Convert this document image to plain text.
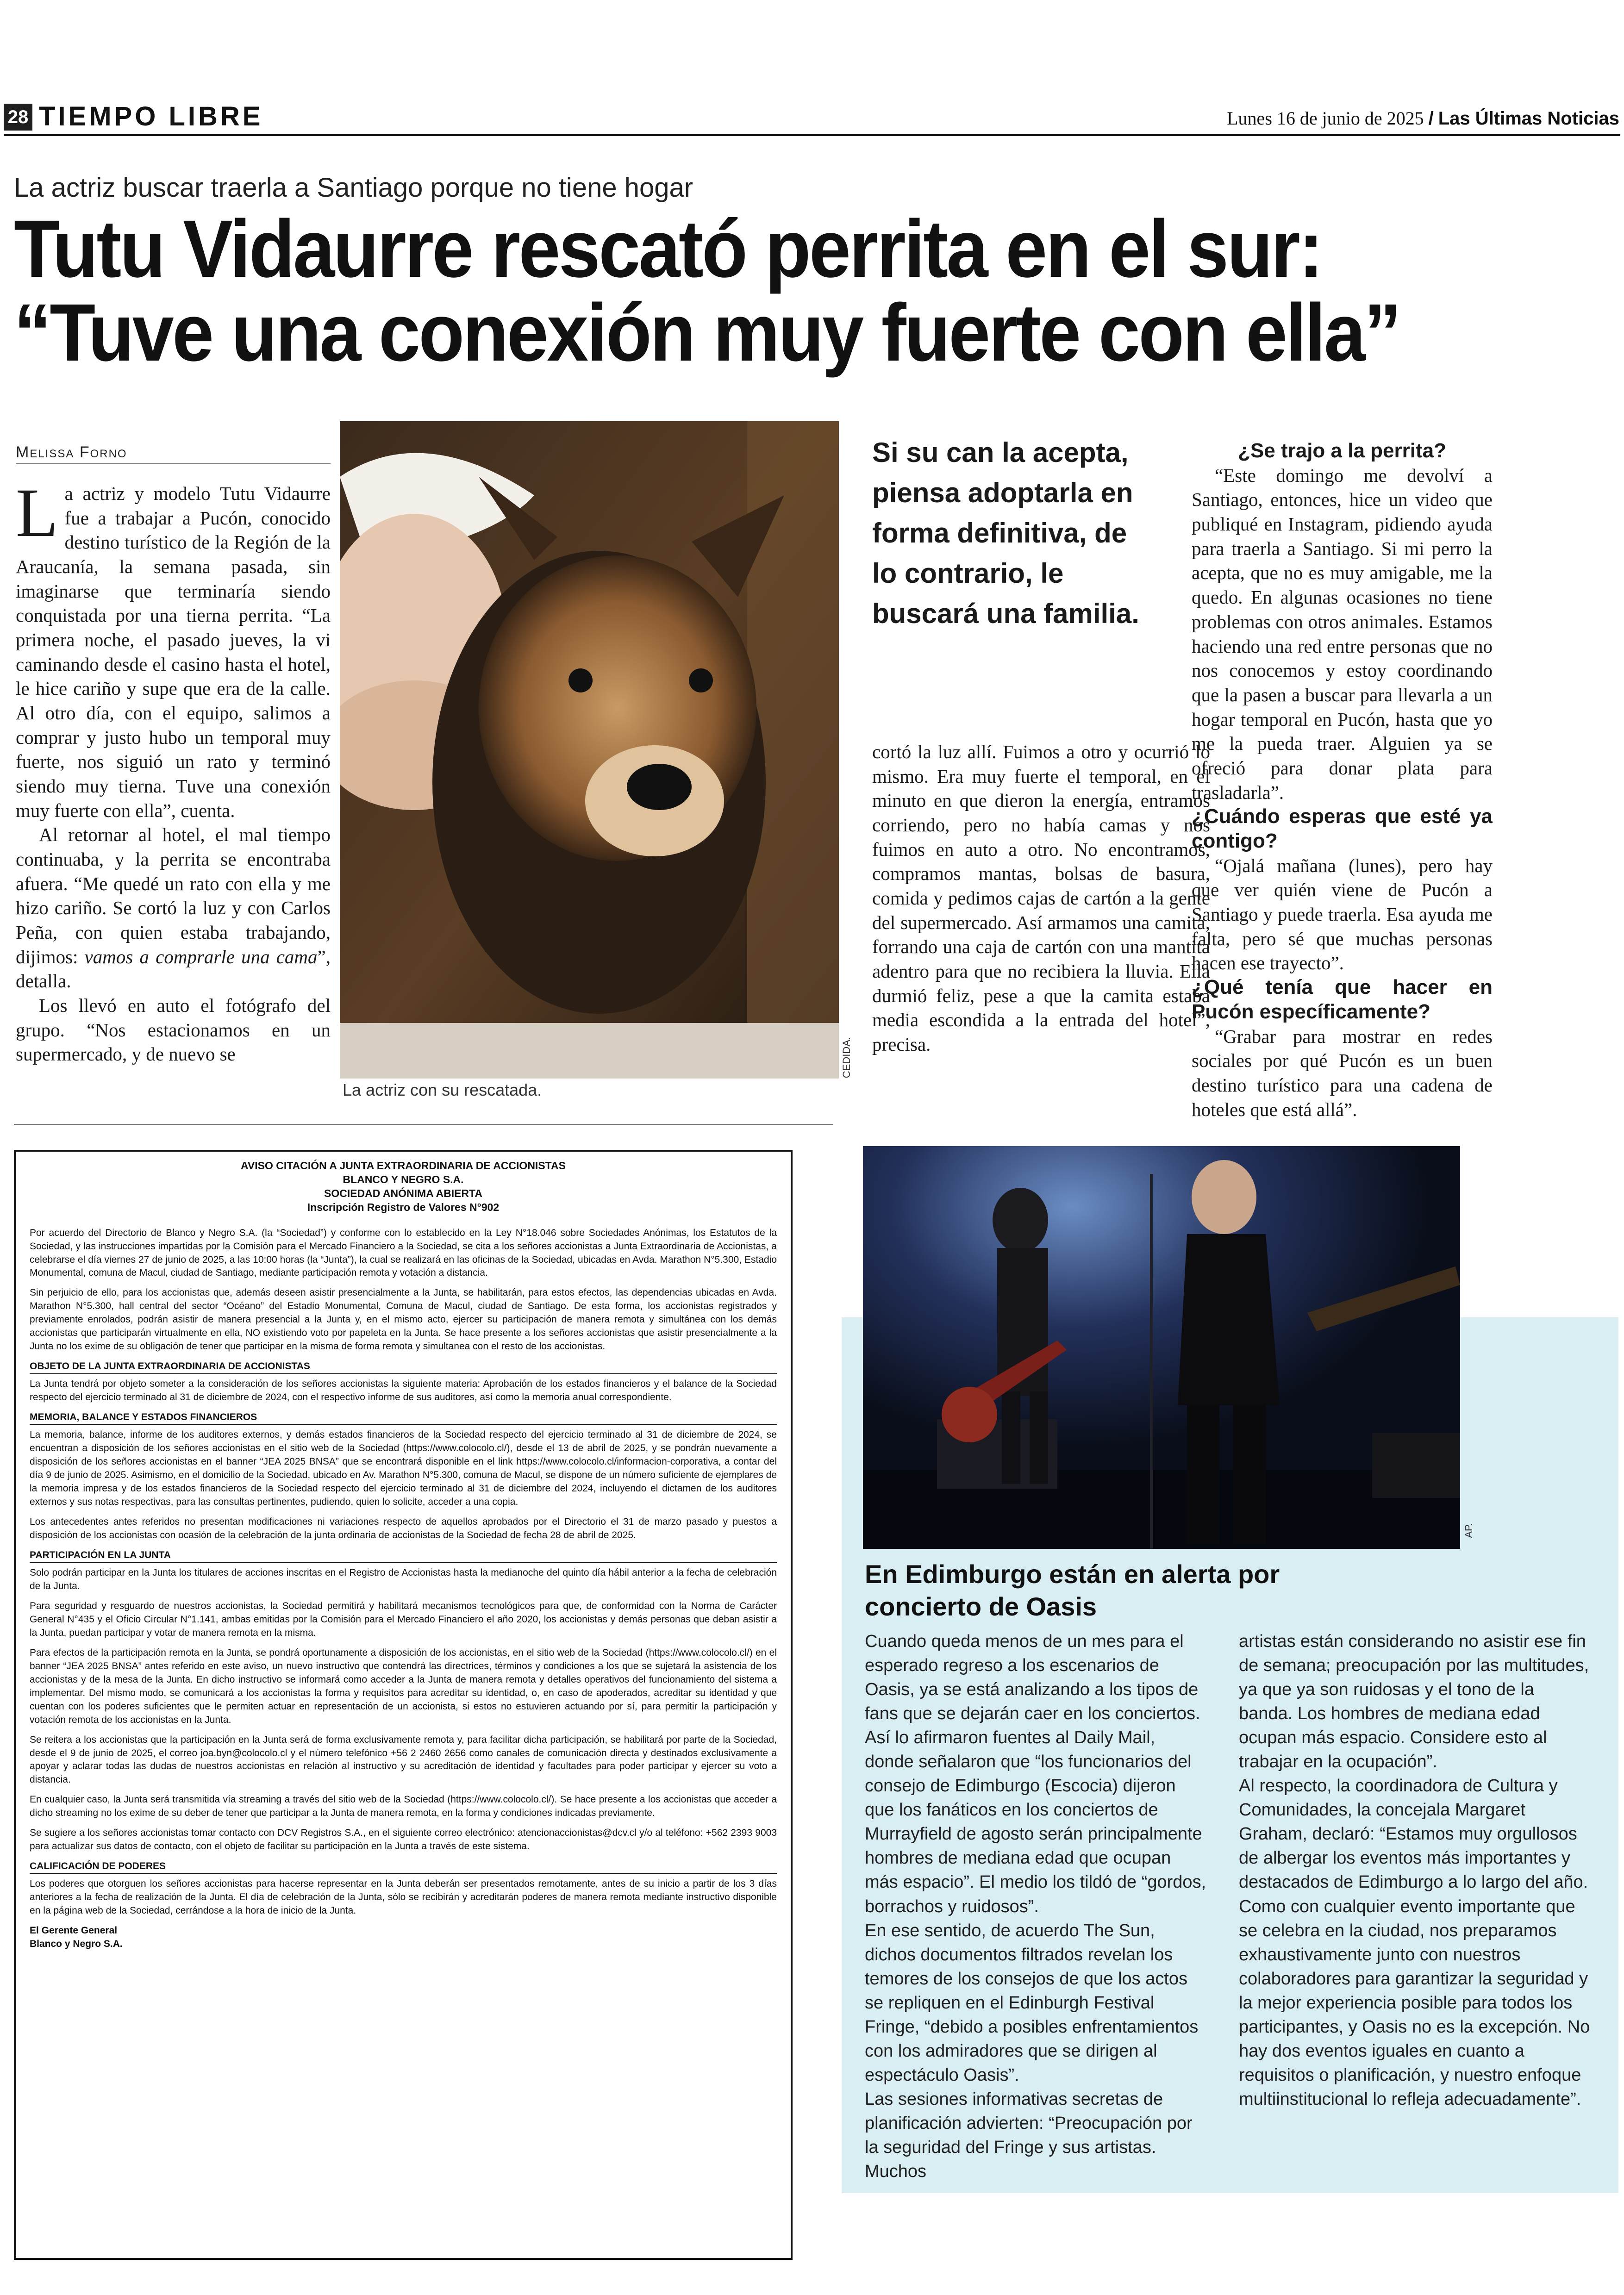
28 TIEMPO LIBRE	Lunes 16 de junio de 2025 / Las Últimas Noticias
La actriz buscar traerla a Santiago porque no tiene hogar
Tutu Vidaurre rescató perrita en el sur:
“Tuve una conexión muy fuerte con ella”
Melissa Forno

La actriz y modelo Tutu Vidaurre fue a trabajar a Pucón, conocido destino turístico de la Región de la Araucanía, la semana pasada, sin imaginarse que terminaría siendo conquistada por una tierna perrita. “La primera noche, el pasado jueves, la vi caminando desde el casino hasta el hotel, le hice cariño y supe que era de la calle. Al otro día, con el equipo, salimos a comprar y justo hubo un temporal muy fuerte, nos siguió un rato y terminó siendo muy tierna. Tuve una conexión muy fuerte con ella”, cuenta.

Al retornar al hotel, el mal tiempo continuaba, y la perrita se encontraba afuera. “Me quedé un rato con ella y me hizo cariño. Se cortó la luz y con Carlos Peña, con quien estaba trabajando, dijimos: vamos a comprarle una cama”, detalla.

Los llevó en auto el fotógrafo del grupo. “Nos estacionamos en un supermercado, y de nuevo se

La actriz con su rescatada.
CEDIDA.
Si su can la acepta, piensa adoptarla en forma definitiva, de lo contrario, le buscará una familia.

cortó la luz allí. Fuimos a otro y ocurrió lo mismo. Era muy fuerte el temporal, en el minuto en que dieron la energía, entramos corriendo, pero no había camas y nos fuimos en auto a otro. No encontramos, compramos mantas, bolsas de basura, comida y pedimos cajas de cartón a la gente del supermercado. Así armamos una camita, forrando una caja de cartón con una mantita adentro para que no recibiera la lluvia. Ella durmió feliz, pese a que la camita estaba media escondida a la entrada del hotel”, precisa.

¿Se trajo a la perrita?

“Este domingo me devolví a Santiago, entonces, hice un video que publiqué en Instagram, pidiendo ayuda para traerla a Santiago. Si mi perro la acepta, que no es muy amigable, me la quedo. En algunas ocasiones no tiene problemas con otros animales. Estamos haciendo una red entre personas que no nos conocemos y estoy coordinando que la pasen a buscar para llevarla a un hogar temporal en Pucón, hasta que yo me la pueda traer. Alguien ya se ofreció para donar plata para trasladarla”.

¿Cuándo esperas que esté ya contigo?

“Ojalá mañana (lunes), pero hay que ver quién viene de Pucón a Santiago y puede traerla. Esa ayuda me falta, pero sé que muchas personas hacen ese trayecto”.

¿Qué tenía que hacer en Pucón específicamente?

“Grabar para mostrar en redes sociales por qué Pucón es un buen destino turístico para una cadena de hoteles que está allá”.

AVISO CITACIÓN A JUNTA EXTRAORDINARIA DE ACCIONISTAS
BLANCO Y NEGRO S.A.
SOCIEDAD ANÓNIMA ABIERTA
Inscripción Registro de Valores N°902

Por acuerdo del Directorio de Blanco y Negro S.A. (la “Sociedad”) y conforme con lo establecido en la Ley N°18.046 sobre Sociedades Anónimas, los Estatutos de la Sociedad, y las instrucciones impartidas por la Comisión para el Mercado Financiero a la Sociedad, se cita a los señores accionistas a Junta Extraordinaria de Accionistas, a celebrarse el día viernes 27 de junio de 2025, a las 10:00 horas (la “Junta”), la cual se realizará en las oficinas de la Sociedad, ubicadas en Avda. Marathon N°5.300, Estadio Monumental, comuna de Macul, ciudad de Santiago, mediante participación remota y votación a distancia.

Sin perjuicio de ello, para los accionistas que, además deseen asistir presencialmente a la Junta, se habilitarán, para estos efectos, las dependencias ubicadas en Avda. Marathon N°5.300, hall central del sector “Océano” del Estadio Monumental, Comuna de Macul, ciudad de Santiago. De esta forma, los accionistas registrados y previamente enrolados, podrán asistir de manera presencial a la Junta y, en el mismo acto, ejercer su participación de manera remota y simultánea con los demás accionistas que participarán virtualmente en ella, NO existiendo voto por papeleta en la Junta. Se hace presente a los señores accionistas que asistir presencialmente a la Junta no los exime de su obligación de tener que participar en la misma de forma remota y simultanea con el resto de los accionistas.

OBJETO DE LA JUNTA EXTRAORDINARIA DE ACCIONISTAS

La Junta tendrá por objeto someter a la consideración de los señores accionistas la siguiente materia: Aprobación de los estados financieros y el balance de la Sociedad respecto del ejercicio terminado al 31 de diciembre de 2024, con el respectivo informe de sus auditores, así como la memoria anual correspondiente.

MEMORIA, BALANCE Y ESTADOS FINANCIEROS

La memoria, balance, informe de los auditores externos, y demás estados financieros de la Sociedad respecto del ejercicio terminado al 31 de diciembre de 2024, se encuentran a disposición de los señores accionistas en el sitio web de la Sociedad (https://www.colocolo.cl/), desde el 13 de abril de 2025, y se pondrán nuevamente a disposición de los señores accionistas en el banner “JEA 2025 BNSA” que se encontrará disponible en el link https://www.colocolo.cl/informacion-corporativa, a contar del día 9 de junio de 2025. Asimismo, en el domicilio de la Sociedad, ubicado en Av. Marathon N°5.300, comuna de Macul, se dispone de un número suficiente de ejemplares de la memoria impresa y de los estados financieros de la Sociedad respecto del ejercicio terminado al 31 de diciembre del 2024, incluyendo el dictamen de los auditores externos y sus notas respectivas, para las consultas pertinentes, pudiendo, quien lo solicite, acceder a una copia.

Los antecedentes antes referidos no presentan modificaciones ni variaciones respecto de aquellos aprobados por el Directorio el 31 de marzo pasado y puestos a disposición de los accionistas con ocasión de la celebración de la junta ordinaria de accionistas de la Sociedad de fecha 28 de abril de 2025.

PARTICIPACIÓN EN LA JUNTA

Solo podrán participar en la Junta los titulares de acciones inscritas en el Registro de Accionistas hasta la medianoche del quinto día hábil anterior a la fecha de celebración de la Junta.

Para seguridad y resguardo de nuestros accionistas, la Sociedad permitirá y habilitará mecanismos tecnológicos para que, de conformidad con la Norma de Carácter General N°435 y el Oficio Circular N°1.141, ambas emitidas por la Comisión para el Mercado Financiero el año 2020, los accionistas y demás personas que deban asistir a la Junta, puedan participar y votar de manera remota en la misma.

Para efectos de la participación remota en la Junta, se pondrá oportunamente a disposición de los accionistas, en el sitio web de la Sociedad (https://www.colocolo.cl/) en el banner “JEA 2025 BNSA” antes referido en este aviso, un nuevo instructivo que contendrá las directrices, términos y condiciones a los que se sujetará la asistencia de los accionistas y de la mesa de la Junta. En dicho instructivo se informará como acceder a la Junta de manera remota y detalles operativos del funcionamiento del sistema a implementar. Del mismo modo, se comunicará a los accionistas la forma y requisitos para acreditar su identidad, o, en caso de apoderados, acreditar su identidad y que cuentan con los poderes suficientes que le permiten actuar en representación de un accionista, si estos no estuvieren actuando por sí, para permitir la participación y votación remota de los accionistas en la Junta.

Se reitera a los accionistas que la participación en la Junta será de forma exclusivamente remota y, para facilitar dicha participación, se habilitará por parte de la Sociedad, desde el 9 de junio de 2025, el correo joa.byn@colocolo.cl y el número telefónico +56 2 2460 2656 como canales de comunicación directa y destinados exclusivamente a apoyar y aclarar todas las dudas de nuestros accionistas en relación al instructivo y su acreditación de identidad y facultades para poder participar y ejercer su voto a distancia.

En cualquier caso, la Junta será transmitida vía streaming a través del sitio web de la Sociedad (https://www.colocolo.cl/). Se hace presente a los accionistas que acceder a dicho streaming no los exime de su deber de tener que participar a la Junta de manera remota, en la forma y condiciones indicadas previamente.

Se sugiere a los señores accionistas tomar contacto con DCV Registros S.A., en el siguiente correo electrónico: atencionaccionistas@dcv.cl y/o al teléfono: +562 2393 9003 para actualizar sus datos de contacto, con el objeto de facilitar su participación en la Junta a través de este sistema.

CALIFICACIÓN DE PODERES

Los poderes que otorguen los señores accionistas para hacerse representar en la Junta deberán ser presentados remotamente, antes de su inicio a partir de los 3 días anteriores a la fecha de realización de la Junta. El día de celebración de la Junta, sólo se recibirán y acreditarán poderes de manera remota mediante instructivo disponible en la página web de la Sociedad, cerrándose a la hora de inicio de la Junta.

El Gerente General

Blanco y Negro S.A.

AP.
En Edimburgo están en alerta por concierto de Oasis

Cuando queda menos de un mes para el esperado regreso a los escenarios de Oasis, ya se está analizando a los tipos de fans que se dejarán caer en los conciertos. Así lo afirmaron fuentes al Daily Mail, donde señalaron que “los funcionarios del consejo de Edimburgo (Escocia) dijeron que los fanáticos en los conciertos de Murrayfield de agosto serán principalmente hombres de mediana edad que ocupan más espacio”. El medio los tildó de “gordos, borrachos y ruidosos”.

En ese sentido, de acuerdo The Sun, dichos documentos filtrados revelan los temores de los consejos de que los actos se repliquen en el Edinburgh Festival Fringe, “debido a posibles enfrentamientos con los admiradores que se dirigen al espectáculo Oasis”.

Las sesiones informativas secretas de planificación advierten: “Preocupación por la seguridad del Fringe y sus artistas. Muchos

artistas están considerando no asistir ese fin de semana; preocupación por las multitudes, ya que ya son ruidosas y el tono de la banda. Los hombres de mediana edad ocupan más espacio. Considere esto al trabajar en la ocupación”.

Al respecto, la coordinadora de Cultura y Comunidades, la concejala Margaret Graham, declaró: “Estamos muy orgullosos de albergar los eventos más importantes y destacados de Edimburgo a lo largo del año. Como con cualquier evento importante que se celebra en la ciudad, nos preparamos exhaustivamente junto con nuestros colaboradores para garantizar la seguridad y la mejor experiencia posible para todos los participantes, y Oasis no es la excepción. No hay dos eventos iguales en cuanto a requisitos o planificación, y nuestro enfoque multiinstitucional lo refleja adecuadamente”.
